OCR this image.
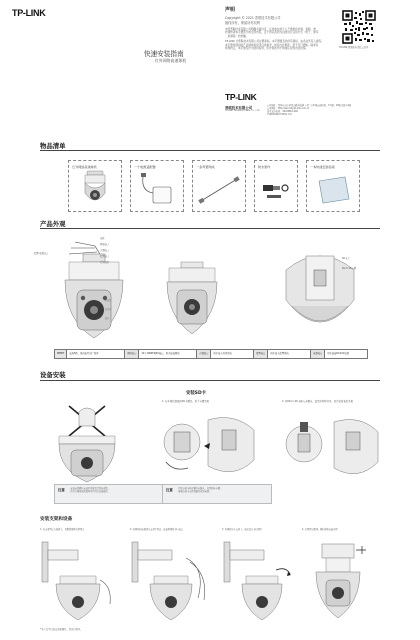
TP-LINK
快速安装指南
红外网络高速球机
声明
Copyright © 2021 普联技术有限公司
版权所有，保留所有权利
未经普联技术有限公司明确书面许可，任何单位或个人不得擅自仿制、复制、誊
抄或转译本手册部分或全部内容，且不得以营利为目的进行任何方式（电子、影印
、录制等）的传播。
TP-LINK 为普联技术有限公司注册商标。本手册提及的所有商标，由各自所有人拥有。
本手册所提到的产品规格和资讯仅供参考，如有内容更新，恕不另行通知。除非有
特殊约定，本手册仅作为使用指导，所作陈述均不构成任何形式的担保。	TP-LINK 视频监控 微信公众号
TP-LINK
普联技术有限公司
TP-LINK TECHNOLOGIES CO., LTD.
公司地址：深圳市南山区深南路科技园工业厂房24栋南段1层、3-5层、28栋北段1-4层
公司网址：http://security.tp-link.com.cn
技术支持热线：400-8863-400
7108504047 REV1.0.0
物品清单
红外网络高速球机	一个电源适配器	一条弯管网线	防水套件	一本快速安装指南
产品外观
电源
网络接口
音频接口
报警接口
复位按键
报警/电源接口
补光灯
红外灯
镜头
SD卡盖
Micro SD卡槽
RESET	长按5秒，设备恢复出厂设置	网络接口	10 / 100M RJ45接口，用于连接网络	音频接口	用于接入对讲设备	报警接口	用于接入报警设备	电源接口	用于连接DC12V电源
设备安装
安装SD卡
1. 拧开球机顶部的SD卡槽盖，取下卡槽盖板	2. 将Micro SD卡插入卡槽内，直至听到咔嗒声，然后重新装好盖板
注意 · 安装前请确认安装位置能承受设备重量。
· 请勿在潮湿或高温环境中进行安装操作。	注意 · 请将存储卡按正确方向插入，以免损坏卡槽。
· 插拔存储卡前请先断开设备电源。
安装支架和设备
1. 将支架固定在墙面上，用膨胀螺丝拧紧固定	2. 将网线和电源线从支架中穿过，连接到球机对应接口	3. 将球机挂在支架上，旋转使其卡扣到位	4. 拧紧固定螺丝，确认球机安装牢固
*本产品不包括支架和螺钉，请自行购买。
